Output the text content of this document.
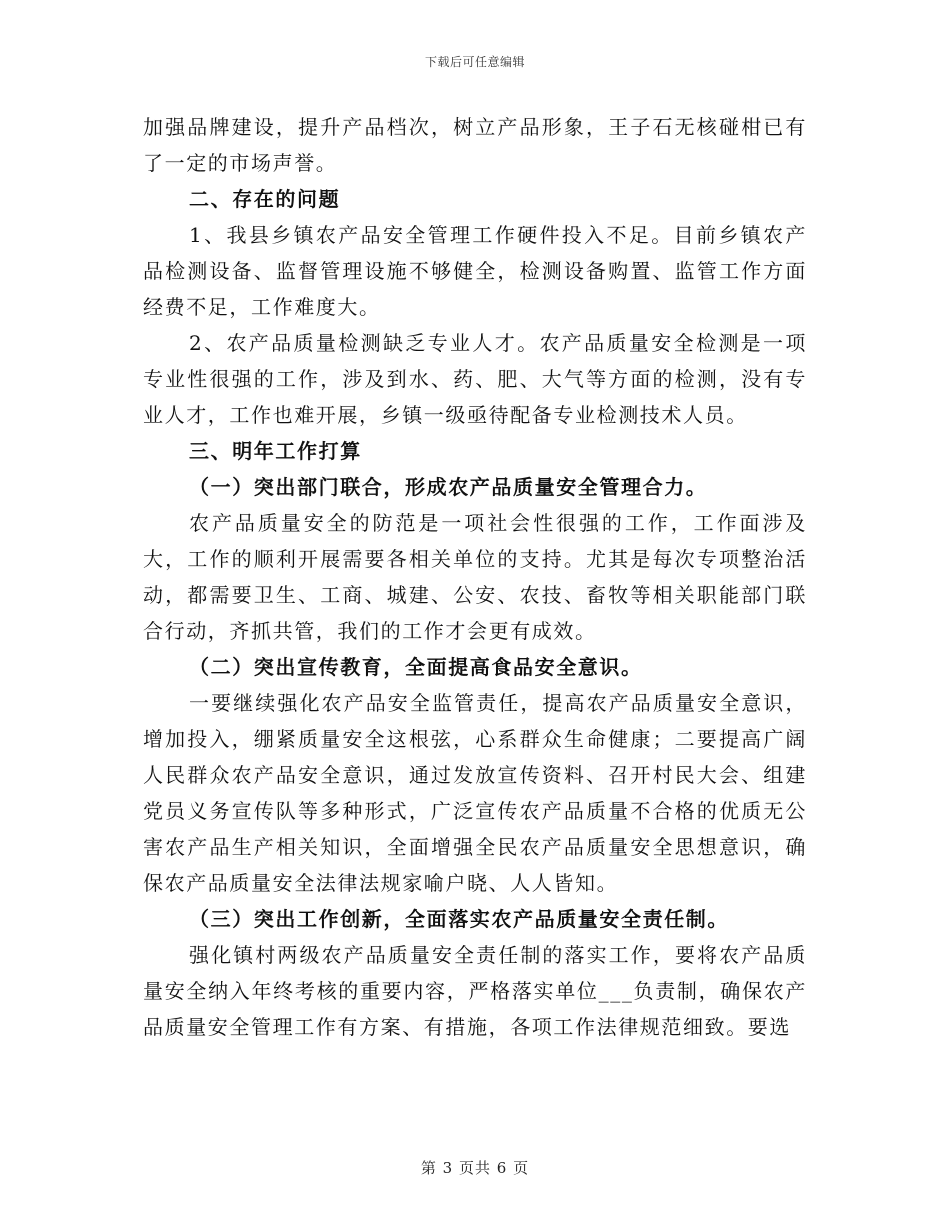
下载后可任意编辑

加强品牌建设，提升产品档次，树立产品形象，王子石无核碰柑已有了一定的市场声誉。

二、存在的问题

1、我县乡镇农产品安全管理工作硬件投入不足。目前乡镇农产品检测设备、监督管理设施不够健全，检测设备购置、监管工作方面经费不足，工作难度大。

2、农产品质量检测缺乏专业人才。农产品质量安全检测是一项专业性很强的工作，涉及到水、药、肥、大气等方面的检测，没有专业人才，工作也难开展，乡镇一级亟待配备专业检测技术人员。

三、明年工作打算

（一）突出部门联合，形成农产品质量安全管理合力。

农产品质量安全的防范是一项社会性很强的工作，工作面涉及大，工作的顺利开展需要各相关单位的支持。尤其是每次专项整治活动，都需要卫生、工商、城建、公安、农技、畜牧等相关职能部门联合行动，齐抓共管，我们的工作才会更有成效。

（二）突出宣传教育，全面提高食品安全意识。

一要继续强化农产品安全监管责任，提高农产品质量安全意识，增加投入，绷紧质量安全这根弦，心系群众生命健康；二要提高广阔人民群众农产品安全意识，通过发放宣传资料、召开村民大会、组建党员义务宣传队等多种形式，广泛宣传农产品质量不合格的优质无公害农产品生产相关知识，全面增强全民农产品质量安全思想意识，确保农产品质量安全法律法规家喻户晓、人人皆知。

（三）突出工作创新，全面落实农产品质量安全责任制。

强化镇村两级农产品质量安全责任制的落实工作，要将农产品质量安全纳入年终考核的重要内容，严格落实单位___负责制，确保农产品质量安全管理工作有方案、有措施，各项工作法律规范细致。要选

第 3 页共 6 页
